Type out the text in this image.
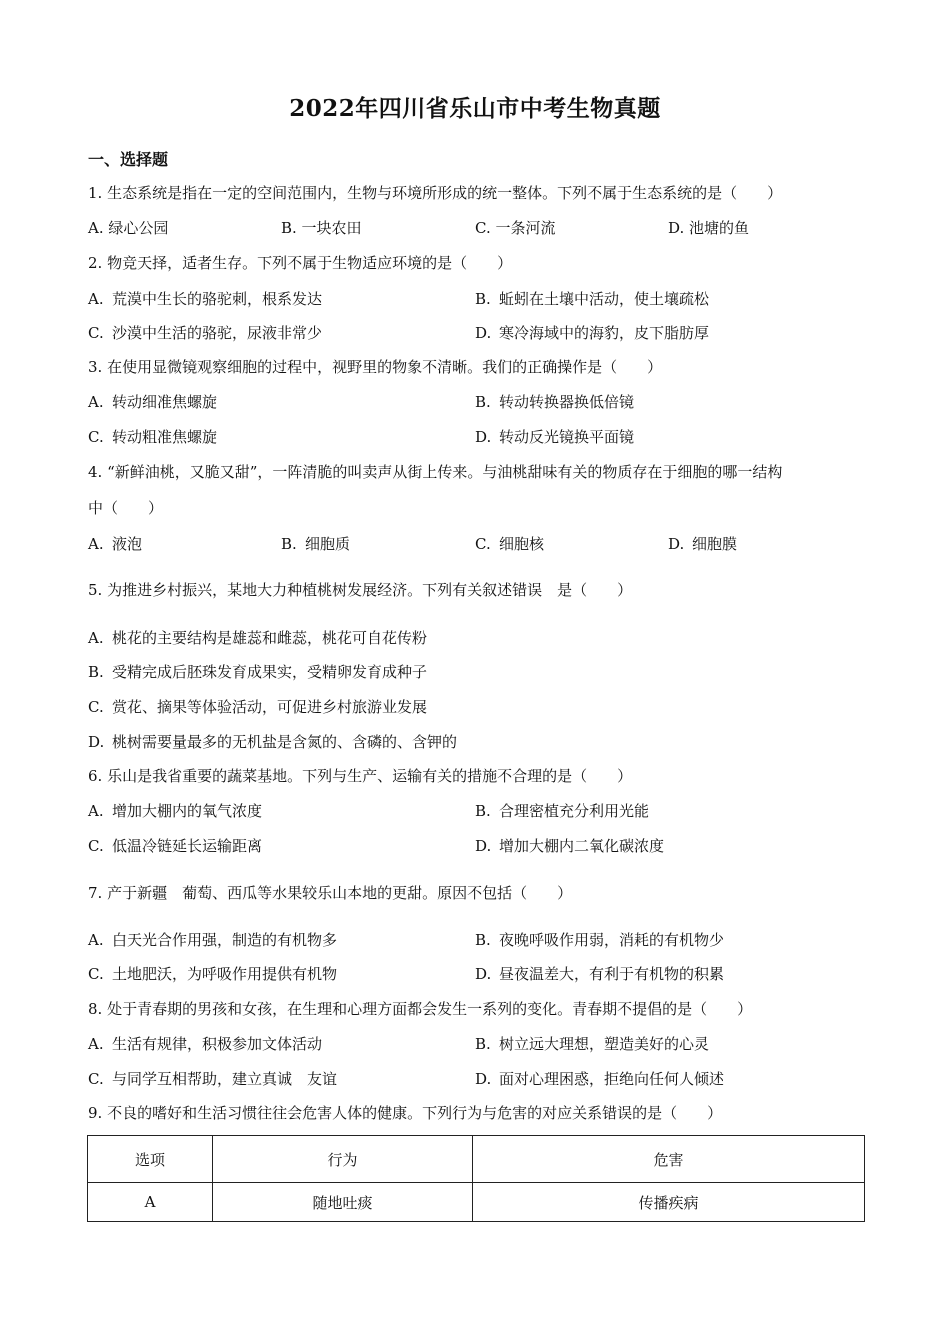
2022年四川省乐山市中考生物真题
一、选择题
1. 生态系统是指在一定的空间范围内，生物与环境所形成的统一整体。下列不属于生态系统的是（　　）
A. 绿心公园	B. 一块农田	C. 一条河流	D. 池塘的鱼
2. 物竞天择，适者生存。下列不属于生物适应环境的是（　　）
A. 荒漠中生长的骆驼刺，根系发达	B. 蚯蚓在土壤中活动，使土壤疏松
C. 沙漠中生活的骆驼，尿液非常少	D. 寒冷海域中的海豹，皮下脂肪厚
3. 在使用显微镜观察细胞的过程中，视野里的物象不清晰。我们的正确操作是（　　）
A. 转动细准焦螺旋	B. 转动转换器换低倍镜
C. 转动粗准焦螺旋	D. 转动反光镜换平面镜
4. “新鲜油桃，又脆又甜”，一阵清脆的叫卖声从街上传来。与油桃甜味有关的物质存在于细胞的哪一结构
中（　　）
A. 液泡	B. 细胞质	C. 细胞核	D. 细胞膜
5. 为推进乡村振兴，某地大力种植桃树发展经济。下列有关叙述错误　是（　　）
A. 桃花的主要结构是雄蕊和雌蕊，桃花可自花传粉
B. 受精完成后胚珠发育成果实，受精卵发育成种子
C. 赏花、摘果等体验活动，可促进乡村旅游业发展
D. 桃树需要量最多的无机盐是含氮的、含磷的、含钾的
6. 乐山是我省重要的蔬菜基地。下列与生产、运输有关的措施不合理的是（　　）
A. 增加大棚内的氧气浓度	B. 合理密植充分利用光能
C. 低温冷链延长运输距离	D. 增加大棚内二氧化碳浓度
7. 产于新疆　葡萄、西瓜等水果较乐山本地的更甜。原因不包括（　　）
A. 白天光合作用强，制造的有机物多	B. 夜晚呼吸作用弱，消耗的有机物少
C. 土地肥沃，为呼吸作用提供有机物	D. 昼夜温差大，有利于有机物的积累
8. 处于青春期的男孩和女孩，在生理和心理方面都会发生一系列的变化。青春期不提倡的是（　　）
A. 生活有规律，积极参加文体活动	B. 树立远大理想，塑造美好的心灵
C. 与同学互相帮助，建立真诚　友谊	D. 面对心理困惑，拒绝向任何人倾述
9. 不良的嗜好和生活习惯往往会危害人体的健康。下列行为与危害的对应关系错误的是（　　）
选项	行为	危害
A	随地吐痰	传播疾病
